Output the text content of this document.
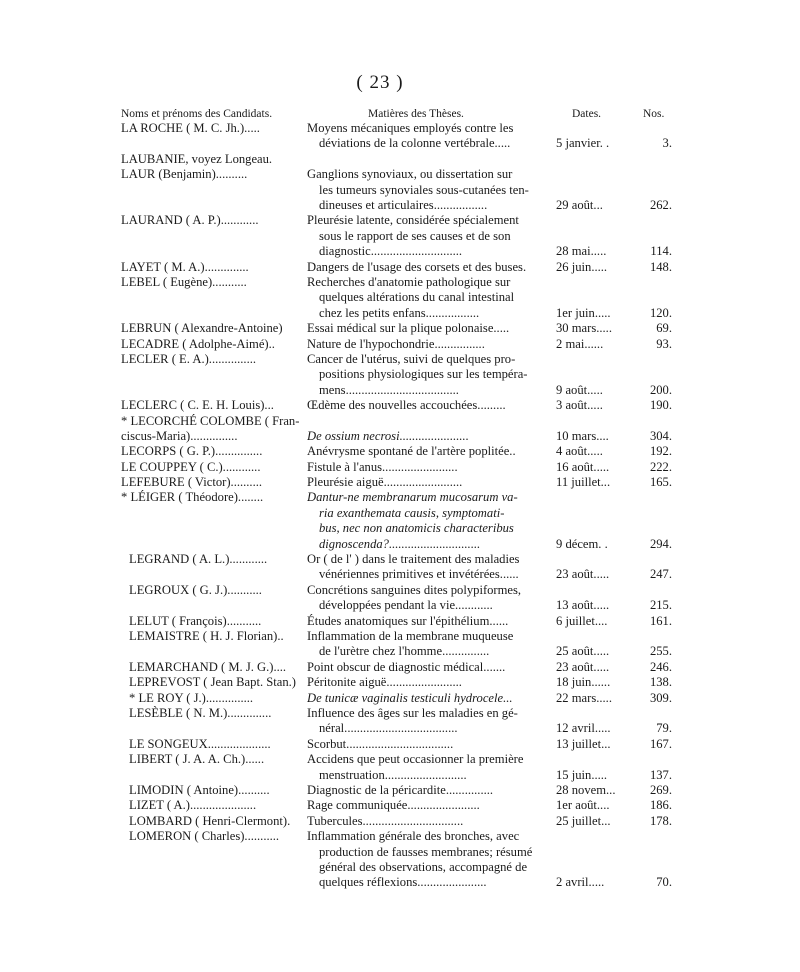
( 23 )
Noms et prénoms des Candidats.	Matières des Thèses.	Dates.	Nos.
LA ROCHE ( M. C. Jh.).....	Moyens mécaniques employés contre les
déviations de la colonne vertébrale.....	5 janvier. .	3.
LAUBANIE, voyez Longeau.
LAUR (Benjamin)..........	Ganglions synoviaux, ou dissertation sur
les tumeurs synoviales sous-cutanées ten-
dineuses et articulaires.................	29 août...	262.
LAURAND ( A. P.)............	Pleurésie latente, considérée spécialement
sous le rapport de ses causes et de son
diagnostic.............................	28 mai.....	114.
LAYET ( M. A.)..............	Dangers de l'usage des corsets et des buses.	26 juin.....	148.
LEBEL ( Eugène)...........	Recherches d'anatomie pathologique sur
quelques altérations du canal intestinal
chez les petits enfans.................	1er juin.....	120.
LEBRUN ( Alexandre-Antoine) Essai médical sur la plique polonaise.....	30 mars.....	69.
LECADRE ( Adolphe-Aimé)..	Nature de l'hypochondrie................	2 mai......	93.
LECLER ( E. A.)...............	Cancer de l'utérus, suivi de quelques pro-
positions physiologiques sur les tempéra-
mens....................................	9 août.....	200.
LECLERC ( C. E. H. Louis)...	Œdème des nouvelles accouchées.........	3 août.....	190.
* LECORCHÉ COLOMBE ( Fran-
ciscus-Maria)...............	De ossium necrosi......................	10 mars....	304.
LECORPS ( G. P.)...............	Anévrysme spontané de l'artère poplitée..	4 août.....	192.
LE COUPPEY ( C.)............	Fistule à l'anus........................	16 août.....	222.
LEFEBURE ( Victor)..........	Pleurésie aiguë.........................	11 juillet...	165.
* LÉIGER ( Théodore)........	Dantur-ne membranarum mucosarum va-
ria exanthemata causis, symptomati-
bus, nec non anatomicis characteribus
dignoscenda?.............................	9 décem. .	294.
LEGRAND ( A. L.)............	Or ( de l' ) dans le traitement des maladies
vénériennes primitives et invétérées......	23 août.....	247.
LEGROUX ( G. J.)...........	Concrétions sanguines dites polypiformes,
développées pendant la vie............	13 août.....	215.
LELUT ( François)...........	Études anatomiques sur l'épithélium......	6 juillet....	161.
LEMAISTRE ( H. J. Florian).. Inflammation de la membrane muqueuse
de l'urètre chez l'homme...............	25 août.....	255.
LEMARCHAND ( M. J. G.).... Point obscur de diagnostic médical.......	23 août.....	246.
LEPREVOST ( Jean Bapt. Stan.) Péritonite aiguë........................	18 juin......	138.
* LE ROY ( J.)...............	De tunicæ vaginalis testiculi hydrocele...	22 mars.....	309.
LESÈBLE ( N. M.)..............	Influence des âges sur les maladies en gé-
néral....................................	12 avril.....	79.
LE SONGEUX....................	Scorbut..................................	13 juillet...	167.
LIBERT ( J. A. A. Ch.)......	Accidens que peut occasionner la première
menstruation..........................	15 juin.....	137.
LIMODIN ( Antoine)..........	Diagnostic de la péricardite...............	28 novem...	269.
LIZET ( A.).....................	Rage communiquée.......................	1er août....	186.
LOMBARD ( Henri-Clermont). Tubercules................................	25 juillet...	178.
LOMERON ( Charles)........... Inflammation générale des bronches, avec
production de fausses membranes; résumé
général des observations, accompagné de
quelques réflexions......................	2 avril.....	70.
